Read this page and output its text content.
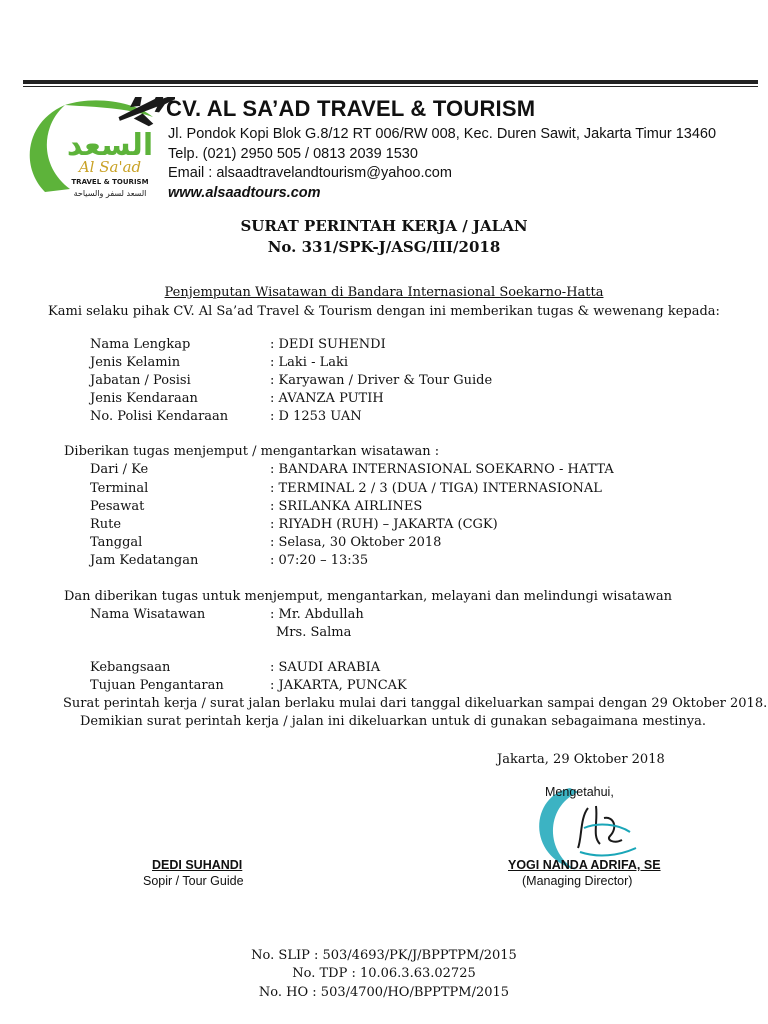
السعد
Al Sa'ad
TRAVEL & TOURISM
السعد لسفر والسياحة
CV. AL SA’AD TRAVEL & TOURISM
Jl. Pondok Kopi Blok G.8/12 RT 006/RW 008, Kec. Duren Sawit, Jakarta Timur 13460
Telp. (021) 2950 505 / 0813 2039 1530
Email : alsaadtravelandtourism@yahoo.com
www.alsaadtours.com
SURAT PERINTAH KERJA / JALAN
No. 331/SPK-J/ASG/III/2018
Penjemputan Wisatawan di Bandara Internasional Soekarno-Hatta
Kami selaku pihak CV. Al Sa’ad Travel & Tourism dengan ini memberikan tugas & wewenang kepada:
Nama Lengkap	: DEDI SUHENDI
Jenis Kelamin	: Laki - Laki
Jabatan / Posisi	: Karyawan / Driver & Tour Guide
Jenis Kendaraan	: AVANZA PUTIH
No. Polisi Kendaraan	: D 1253 UAN
Diberikan tugas menjemput / mengantarkan wisatawan :
Dari / Ke	: BANDARA INTERNASIONAL SOEKARNO - HATTA
Terminal	: TERMINAL 2 / 3 (DUA / TIGA) INTERNASIONAL
Pesawat	: SRILANKA AIRLINES
Rute	: RIYADH (RUH) – JAKARTA (CGK)
Tanggal	: Selasa, 30 Oktober 2018
Jam Kedatangan	: 07:20 – 13:35
Dan diberikan tugas untuk menjemput, mengantarkan, melayani dan melindungi wisatawan
Nama Wisatawan	: Mr. Abdullah
Mrs. Salma
Kebangsaan	: SAUDI ARABIA
Tujuan Pengantaran	: JAKARTA, PUNCAK
Surat perintah kerja / surat jalan berlaku mulai dari tanggal dikeluarkan sampai dengan 29 Oktober 2018.
Demikian surat perintah kerja / jalan ini dikeluarkan untuk di gunakan sebagaimana mestinya.
Jakarta, 29 Oktober 2018
Mengetahui,
DEDI SUHANDI
Sopir / Tour Guide
YOGI NANDA ADRIFA, SE
(Managing Director)
No. SLIP : 503/4693/PK/J/BPPTPM/2015
No. TDP : 10.06.3.63.02725
No. HO : 503/4700/HO/BPPTPM/2015
